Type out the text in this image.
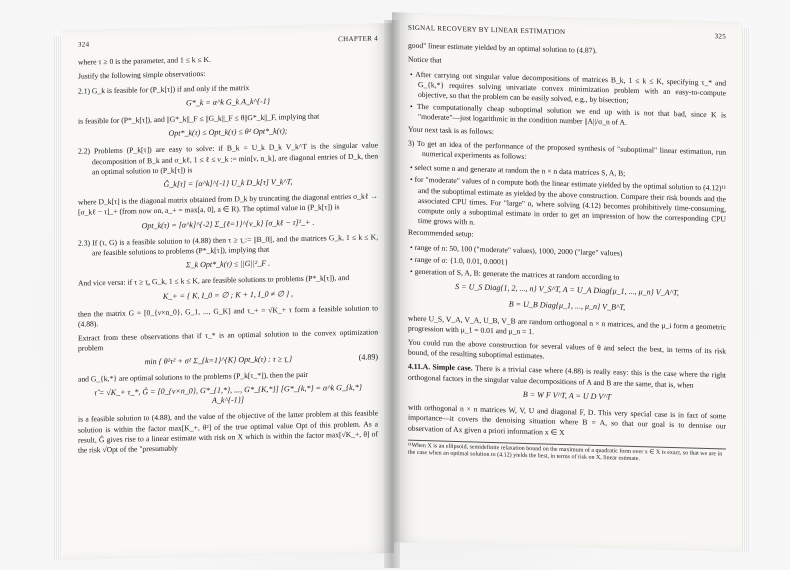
324
CHAPTER 4

where τ ≥ 0 is the parameter, and 1 ≤ k ≤ K.

Justify the following simple observations:

2.1) G_k is feasible for (P_k[τ]) if and only if the matrix
G*_k = α^k G_k A_k^{-1}

is feasible for (P*_k[τ]), and ||G*_k||_F ≤ ||G_k||_F ≤ θ||G*_k||_F, implying that

Opt*_k(τ) ≤ Opt_k(τ) ≤ θ² Opt*_k(τ);
2.2) Problems (P_k[τ]) are easy to solve: if B_k = U_k D_k V_k^T is the singular value decomposition of B_k and σ_kℓ, 1 ≤ ℓ ≤ ν_k := min[ν, n_k], are diagonal entries of D_k, then an optimal solution to (P_k[τ]) is
Ĝ_k[τ] = [α^k]^{-1} U_k D_k[τ] V_k^T,

where D_k[τ] is the diagonal matrix obtained from D_k by truncating the diagonal entries σ_kℓ → [σ_kℓ − τ]_+ (from now on, a_+ = max[a, 0], a ∈ R). The optimal value in (P_k[τ]) is

Opt_k(τ) = [α^k]^{-2} Σ_{ℓ=1}^{ν_k} [σ_kℓ − τ]²_+ .
2.3) If (τ, G) is a feasible solution to (4.88) then τ ≥ τ̲ := ||B_0||, and the matrices G_k, 1 ≤ k ≤ K, are feasible solutions to problems (P*_k[τ]), implying that
Σ_k Opt*_k(τ) ≤ ||G||²_F .

And vice versa: if τ ≥ τ̲, G_k, 1 ≤ k ≤ K, are feasible solutions to problems (P*_k[τ]), and

K_+ = { K, I_0 = ∅ ; K + 1, I_0 ≠ ∅ } ,

then the matrix G = [0_{ν×n_0}, G_1, ..., G_K] and τ_+ = √K_+ τ form a feasible solution to (4.88).

Extract from these observations that if τ_* is an optimal solution to the convex optimization problem

(4.89)
min { θ²τ² + σ² Σ_{k=1}^{K} Opt_k(τ) : τ ≥ τ̲ }

and G_{k,*} are optimal solutions to the problems (P_k[τ_*]), then the pair

τ̂ = √K_+ τ_*, Ĝ = [0_{ν×n_0}, G*_{1,*}, ..., G*_{K,*}] [G*_{k,*} = α^k G_{k,*} A_k^{-1}]

is a feasible solution to (4.88), and the value of the objective of the latter problem at this feasible solution is within the factor max[K_+, θ²] of the true optimal value Opt of this problem. As a result, Ĝ gives rise to a linear estimate with risk on X which is within the factor max[√K_+, θ] of the risk √Opt of the "presumably

SIGNAL RECOVERY BY LINEAR ESTIMATION
325

good" linear estimate yielded by an optimal solution to (4.87).

Notice that

• After carrying out singular value decompositions of matrices B_k, 1 ≤ k ≤ K, specifying τ_* and G_{k,*} requires solving univariate convex minimization problem with an easy-to-compute objective, so that the problem can be easily solved, e.g., by bisection;
• The computationally cheap suboptimal solution we end up with is not that bad, since K is "moderate"—just logarithmic in the condition number ||A||/σ_n of A.

Your next task is as follows:

3) To get an idea of the performance of the proposed synthesis of "suboptimal" linear estimation, run numerical experiments as follows:
• select some n and generate at random the n × n data matrices S, A, B;
• for "moderate" values of n compute both the linear estimate yielded by the optimal solution to (4.12)¹¹ and the suboptimal estimate as yielded by the above construction. Compare their risk bounds and the associated CPU times. For "large" n, where solving (4.12) becomes prohibitively time-consuming, compute only a suboptimal estimate in order to get an impression of how the corresponding CPU time grows with n.

Recommended setup:

• range of n: 50, 100 ("moderate" values), 1000, 2000 ("large" values)
• range of σ: {1.0, 0.01, 0.0001}
• generation of S, A, B: generate the matrices at random according to
S = U_S Diag{1, 2, ..., n} V_S^T, A = U_A Diag{μ_1, ..., μ_n} V_A^T,
B = U_B Diag{μ_1, ..., μ_n} V_B^T,

where U_S, V_A, V_A, U_B, V_B are random orthogonal n × n matrices, and the μ_i form a geometric progression with μ_1 = 0.01 and μ_n = 1.

You could run the above construction for several values of θ and select the best, in terms of its risk bound, of the resulting suboptimal estimates.

4.11.A. Simple case. There is a trivial case where (4.88) is really easy: this is the case where the right orthogonal factors in the singular value decompositions of A and B are the same, that is, when

B = W F V^T, A = U D V^T

with orthogonal n × n matrices W, V, U and diagonal F, D. This very special case is in fact of some importance—it covers the denoising situation where B = A, so that our goal is to denoise our observation of Ax given a priori information x ∈ X

¹¹When X is an ellipsoid, semidefinite relaxation bound on the maximum of a quadratic form over x ∈ X is exact, so that we are in the case when an optimal solution to (4.12) yields the best, in terms of risk on X, linear estimate.
